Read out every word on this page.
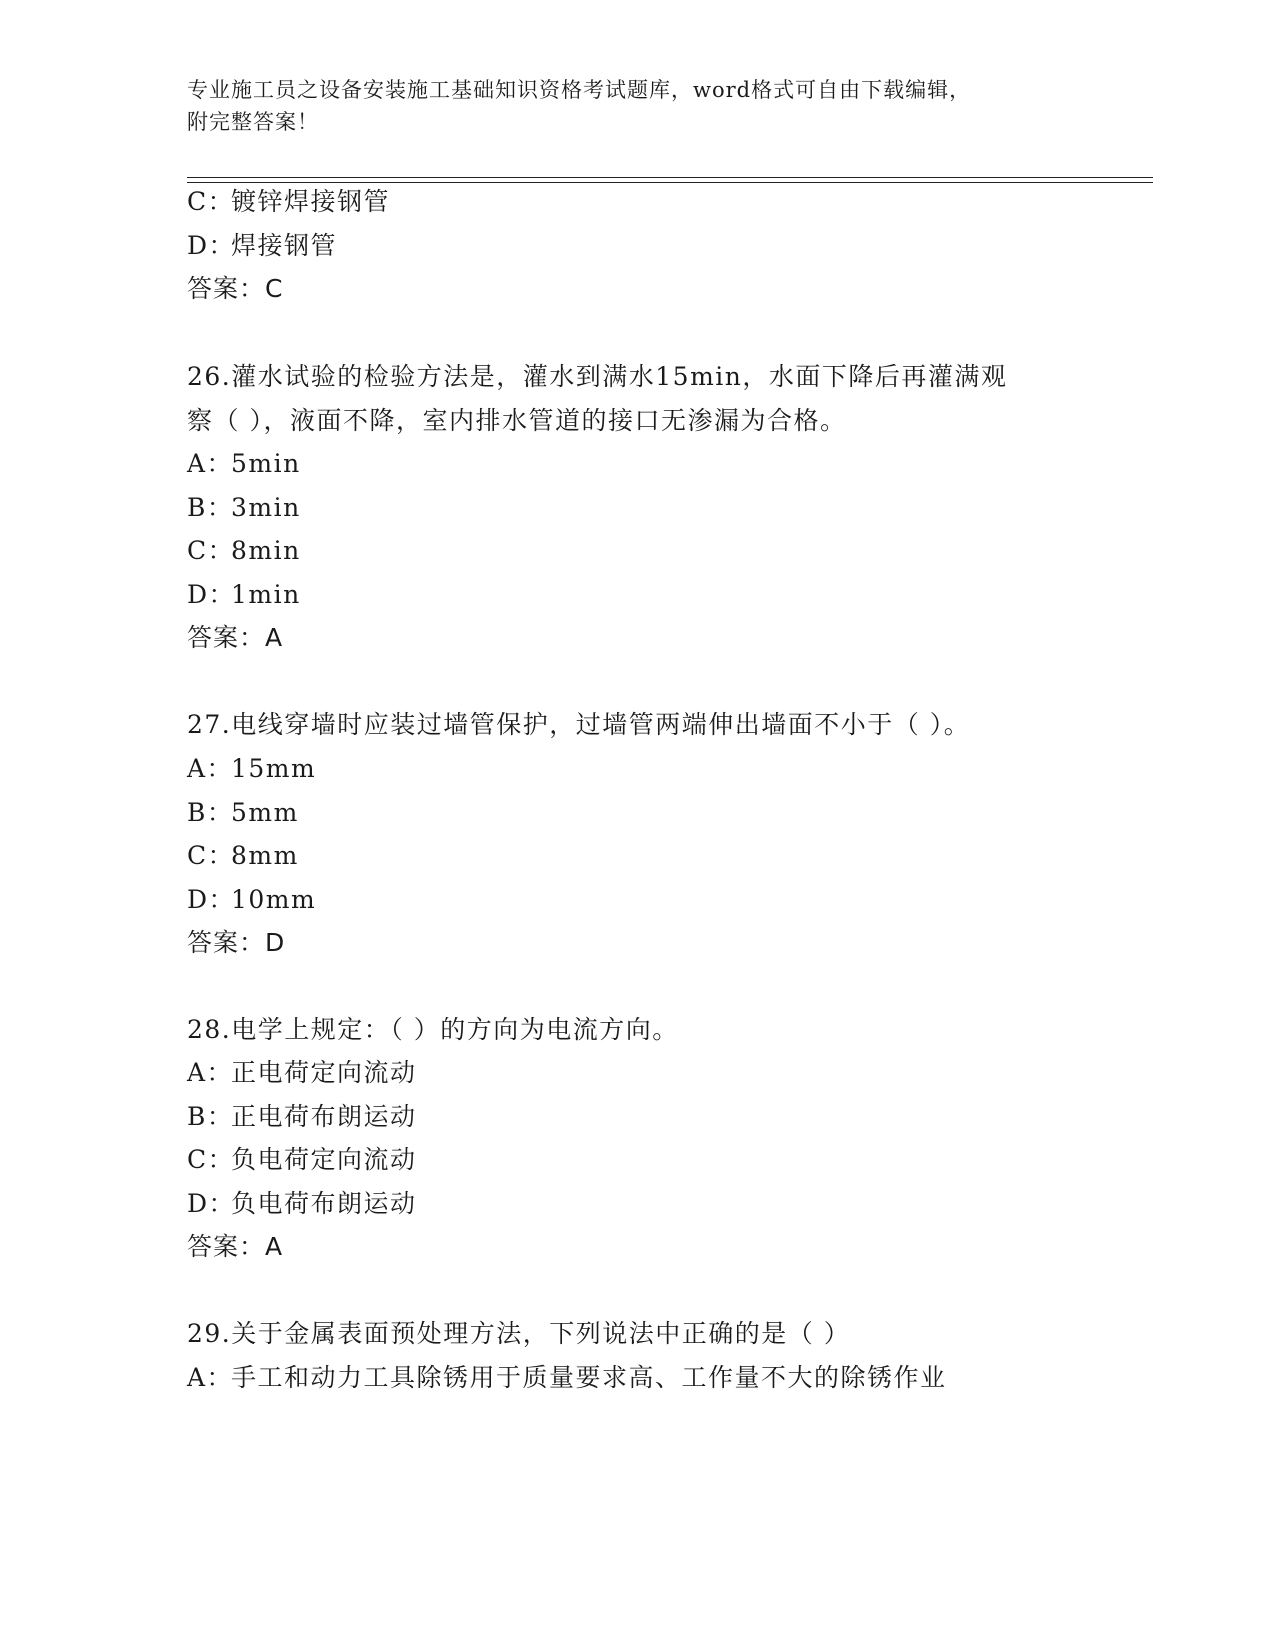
专业施工员之设备安装施工基础知识资格考试题库，word格式可自由下载编辑，
附完整答案！
C：镀锌焊接钢管
D：焊接钢管
答案：C
26.灌水试验的检验方法是，灌水到满水15min，水面下降后再灌满观
察（ ），液面不降，室内排水管道的接口无渗漏为合格。
A：5min
B：3min
C：8min
D：1min
答案：A
27.电线穿墙时应装过墙管保护，过墙管两端伸出墙面不小于（ ）。
A：15mm
B：5mm
C：8mm
D：10mm
答案：D
28.电学上规定：（ ）的方向为电流方向。
A：正电荷定向流动
B：正电荷布朗运动
C：负电荷定向流动
D：负电荷布朗运动
答案：A
29.关于金属表面预处理方法，下列说法中正确的是（ ）
A：手工和动力工具除锈用于质量要求高、工作量不大的除锈作业
